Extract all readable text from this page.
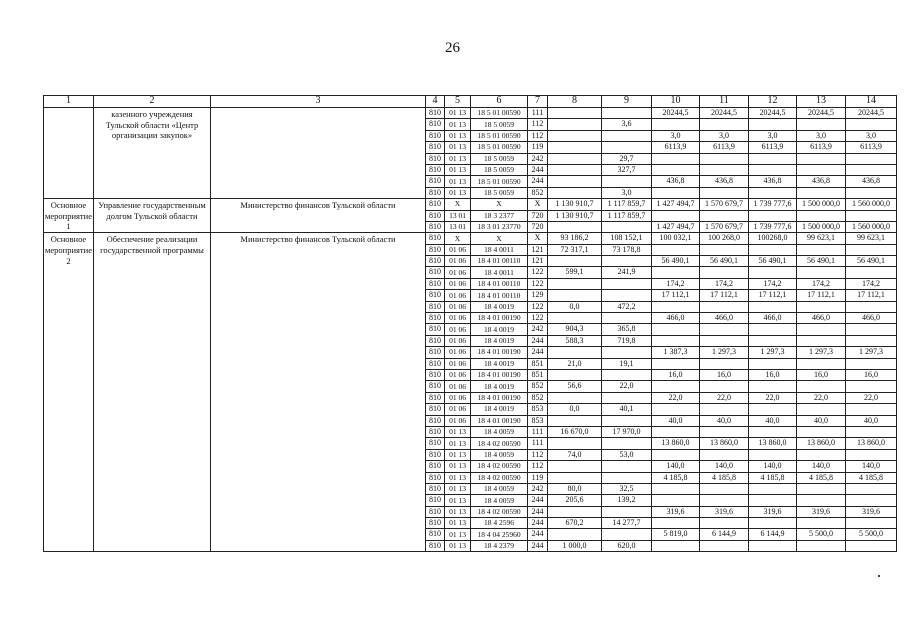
26
1	2	3	4	5	6	7	8	9	10	11	12	13	14
	казенного учреждения Тульской области «Центр организации закупок»		810	01 13	18 5 01 00590	111			20244,5	20244,5	20244,5	20244,5	20244,5
			810	01 13	18 5 0059	112		3,6					
			810	01 13	18 5 01 00590	112			3,0	3,0	3,0	3,0	3,0
			810	01 13	18 5 01 00590	119			6113,9	6113,9	6113,9	6113,9	6113,9
			810	01 13	18 5 0059	242		29,7					
			810	01 13	18 5 0059	244		327,7					
			810	01 13	18 5 01 00590	244			436,8	436,8	436,8	436,8	436,8
			810	01 13	18 5 0059	852		3,0					
Основное мероприятие 1	Управление государственным долгом Тульской области	Министерство финансов Тульской области	810	Х	Х	Х	1 130 910,7	1 117 859,7	1 427 494,7	1 570 679,7	1 739 777,6	1 500 000,0	1 560 000,0
			810	13 01	18 3 2377	720	1 130 910,7	1 117 859,7					
			810	13 01	18 3 01 23770	720			1 427 494,7	1 570 679,7	1 739 777,6	1 500 000,0	1 560 000,0
Основное мероприятие 2	Обеспечение реализации государственной программы	Министерство финансов Тульской области	810	Х	Х	Х	93 186,2	108 152,1	100 032,1	100 268,0	100268,0	99 623,1	99 623,1
			810	01 06	18 4 0011	121	72 317,1	73 178,8					
			810	01 06	18 4 01 00110	121			56 490,1	56 490,1	56 490,1	56 490,1	56 490,1
			810	01 06	18 4 0011	122	599,1	241,9					
			810	01 06	18 4 01 00110	122			174,2	174,2	174,2	174,2	174,2
			810	01 06	18 4 01 00110	129			17 112,1	17 112,1	17 112,1	17 112,1	17 112,1
			810	01 06	18 4 0019	122	0,0	472,2					
			810	01 06	18 4 01 00190	122			466,0	466,0	466,0	466,0	466,0
			810	01 06	18 4 0019	242	904,3	365,8					
			810	01 06	18 4 0019	244	588,3	719,8					
			810	01 06	18 4 01 00190	244			1 387,3	1 297,3	1 297,3	1 297,3	1 297,3
			810	01 06	18 4 0019	851	21,0	19,1					
			810	01 06	18 4 01 00190	851			16,0	16,0	16,0	16,0	16,0
			810	01 06	18 4 0019	852	56,6	22,0					
			810	01 06	18 4 01 00190	852			22,0	22,0	22,0	22,0	22,0
			810	01 06	18 4 0019	853	0,0	40,1					
			810	01 06	18 4 01 00190	853			40,0	40,0	40,0	40,0	40,0
			810	01 13	18 4 0059	111	16 670,0	17 970,0					
			810	01 13	18 4 02 00590	111			13 860,0	13 860,0	13 860,0	13 860,0	13 860,0
			810	01 13	18 4 0059	112	74,0	53,0					
			810	01 13	18 4 02 00590	112			140,0	140,0	140,0	140,0	140,0
			810	01 13	18 4 02 00590	119			4 185,8	4 185,8	4 185,8	4 185,8	4 185,8
			810	01 13	18 4 0059	242	80,0	32,5					
			810	01 13	18 4 0059	244	205,6	139,2					
			810	01 13	18 4 02 00590	244			319,6	319,6	319,6	319,6	319,6
			810	01 13	18 4 2596	244	670,2	14 277,7					
			810	01 13	18 4 04 25960	244			5 819,0	6 144,9	6 144,9	5 500,0	5 500,0
			810	01 13	18 4 2379	244	1 000,0	620,0					
